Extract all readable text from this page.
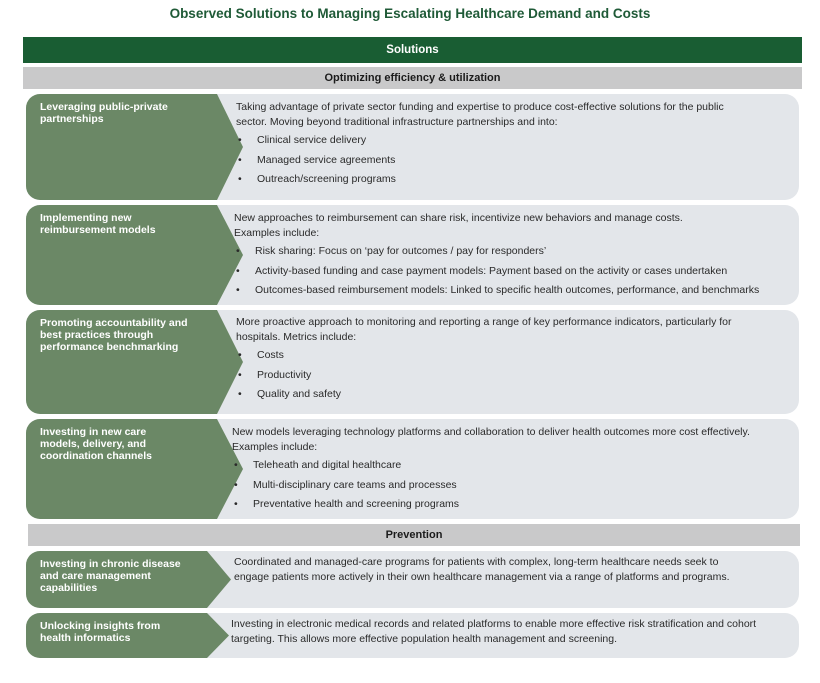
Observed Solutions to Managing Escalating Healthcare Demand and Costs
Solutions
Optimizing efficiency & utilization
Leveraging public-private partnerships

Taking advantage of private sector funding and expertise to produce cost-effective solutions for the public sector. Moving beyond traditional infrastructure partnerships and into:

• Clinical service delivery
• Managed service agreements
• Outreach/screening programs
Implementing new reimbursement models

New approaches to reimbursement can share risk, incentivize new behaviors and manage costs. Examples include:

• Risk sharing: Focus on ‘pay for outcomes / pay for responders’
• Activity-based funding and case payment models: Payment based on the activity or cases undertaken
• Outcomes-based reimbursement models: Linked to specific health outcomes, performance, and benchmarks
Promoting accountability and best practices through performance benchmarking

More proactive approach to monitoring and reporting a range of key performance indicators, particularly for hospitals. Metrics include:

• Costs
• Productivity
• Quality and safety
Investing in new care models, delivery, and coordination channels

New models leveraging technology platforms and collaboration to deliver health outcomes more cost effectively. Examples include:

• Teleheath and digital healthcare
• Multi-disciplinary care teams and processes
• Preventative health and screening programs
Prevention
Investing in chronic disease and care management capabilities

Coordinated and managed-care programs for patients with complex, long-term healthcare needs seek to engage patients more actively in their own healthcare management via a range of platforms and programs.

Unlocking insights from health informatics

Investing in electronic medical records and related platforms to enable more effective risk stratification and cohort targeting. This allows more effective population health management and screening.
